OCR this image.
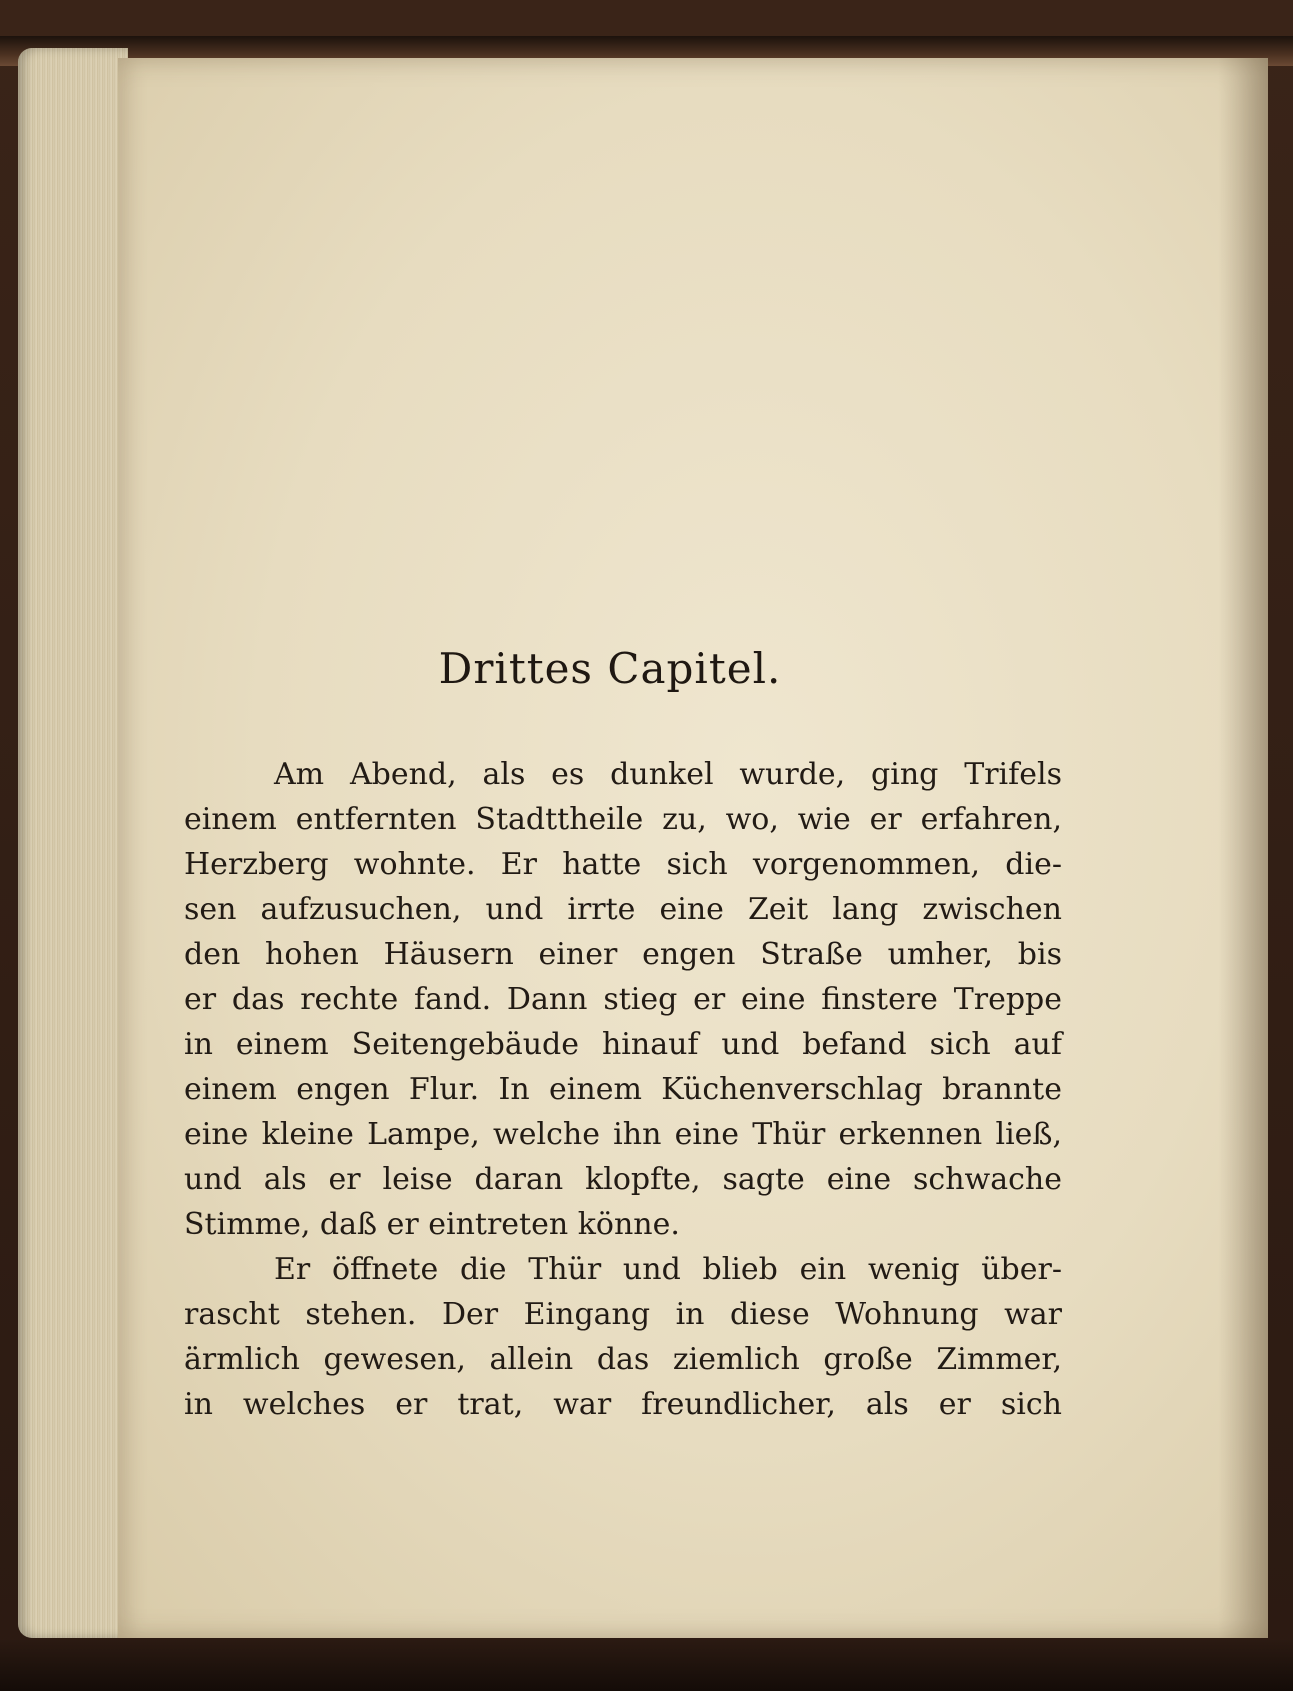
Drittes Capitel.
Am Abend, als es dunkel wurde, ging Trifels
einem entfernten Stadttheile zu, wo, wie er erfahren,
Herzberg wohnte. Er hatte sich vorgenommen, die-
sen aufzusuchen, und irrte eine Zeit lang zwischen
den hohen Häusern einer engen Straße umher, bis
er das rechte fand. Dann stieg er eine finstere Treppe
in einem Seitengebäude hinauf und befand sich auf
einem engen Flur. In einem Küchenverschlag brannte
eine kleine Lampe, welche ihn eine Thür erkennen ließ,
und als er leise daran klopfte, sagte eine schwache
Stimme, daß er eintreten könne.
Er öffnete die Thür und blieb ein wenig über-
rascht stehen. Der Eingang in diese Wohnung war
ärmlich gewesen, allein das ziemlich große Zimmer,
in welches er trat, war freundlicher, als er sich
